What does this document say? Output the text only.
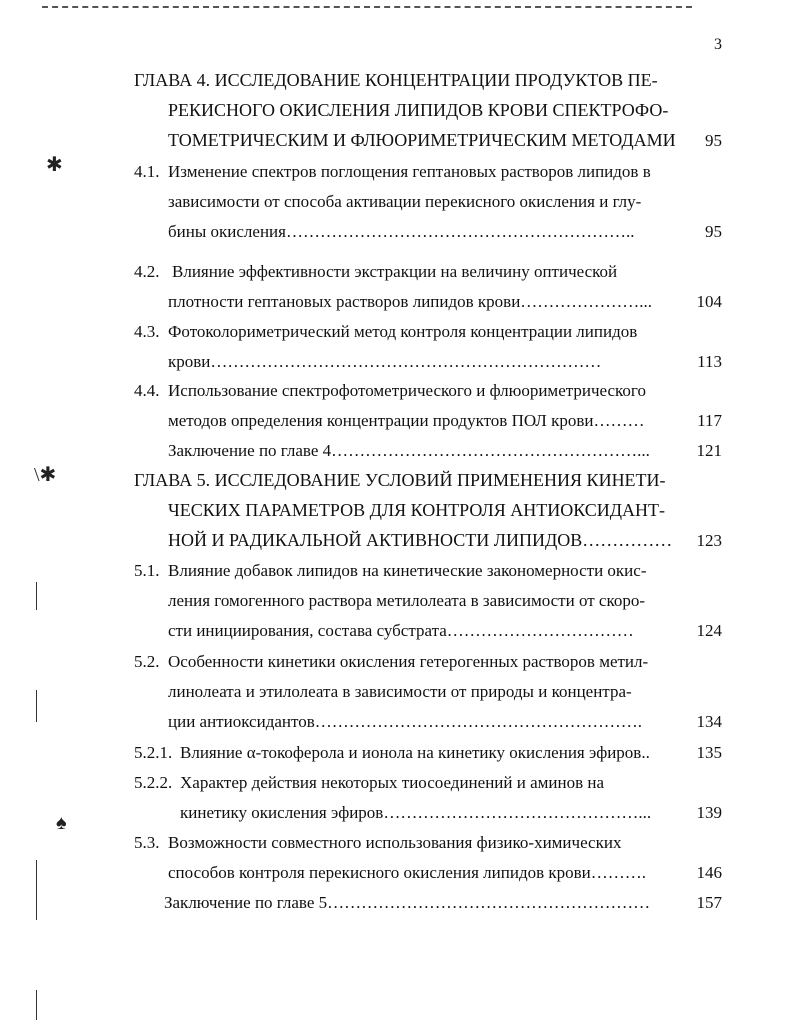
3
ГЛАВА 4. ИССЛЕДОВАНИЕ КОНЦЕНТРАЦИИ ПРОДУКТОВ ПЕ-
РЕКИСНОГО ОКИСЛЕНИЯ ЛИПИДОВ КРОВИ СПЕКТРОФО-
ТОМЕТРИЧЕСКИМ И ФЛЮОРИМЕТРИЧЕСКИМ МЕТОДАМИ	95
4.1. Изменение спектров поглощения гептановых растворов липидов в
зависимости от способа активации перекисного окисления и глу-
бины окисления……………………………………………………..	95
4.2. Влияние эффективности экстракции на величину оптической
плотности гептановых растворов липидов крови…………………...	104
4.3. Фотоколориметрический метод контроля концентрации липидов
крови……………………………………………………………	113
4.4. Использование спектрофотометрического и флюориметрического
методов определения концентрации продуктов ПОЛ крови………	117
Заключение по главе 4………………………………………………...	121
ГЛАВА 5. ИССЛЕДОВАНИЕ УСЛОВИЙ ПРИМЕНЕНИЯ КИНЕТИ-
ЧЕСКИХ ПАРАМЕТРОВ ДЛЯ КОНТРОЛЯ АНТИОКСИДАНТ-
НОЙ И РАДИКАЛЬНОЙ АКТИВНОСТИ ЛИПИДОВ……………	123
5.1. Влияние добавок липидов на кинетические закономерности окис-
ления гомогенного раствора метилолеата в зависимости от скоро-
сти инициирования, состава субстрата……………………………	124
5.2. Особенности кинетики окисления гетерогенных растворов метил-
линолеата и этилолеата в зависимости от природы и концентра-
ции антиоксидантов………………………………………………….	134
5.2.1. Влияние α-токоферола и ионола на кинетику окисления эфиров..	135
5.2.2. Характер действия некоторых тиосоединений и аминов на
кинетику окисления эфиров………………………………………...	139
5.3. Возможности совместного использования физико-химических
способов контроля перекисного окисления липидов крови……….	146
Заключение по главе 5…………………………………………………	157
✱
\✱
♠
